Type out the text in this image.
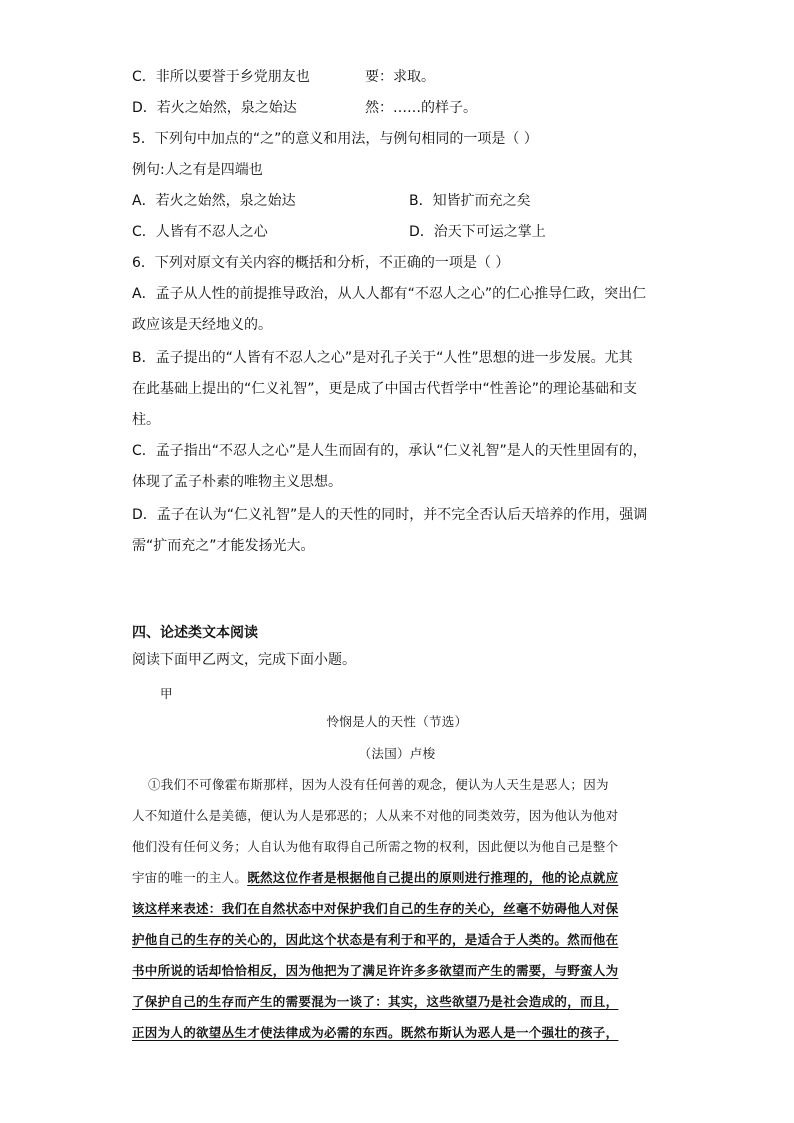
C．非所以要誉于乡党朋友也	要：求取。
D．若火之始然，泉之始达	然：……的样子。
5．下列句中加点的“之”的意义和用法，与例句相同的一项是（ ）
例句:人之有是四端也
A．若火之始然，泉之始达	B．知皆扩而充之矣
C．人皆有不忍人之心	D．治天下可运之掌上
6．下列对原文有关内容的概括和分析，不正确的一项是（ ）
A．孟子从人性的前提推导政治，从人人都有“不忍人之心”的仁心推导仁政，突出仁
政应该是天经地义的。
B．孟子提出的“人皆有不忍人之心”是对孔子关于“人性”思想的进一步发展。尤其
在此基础上提出的“仁义礼智”，更是成了中国古代哲学中“性善论”的理论基础和支
柱。
C．孟子指出“不忍人之心”是人生而固有的，承认“仁义礼智”是人的天性里固有的，
体现了孟子朴素的唯物主义思想。
D．孟子在认为“仁义礼智”是人的天性的同时，并不完全否认后天培养的作用，强调
需“扩而充之”才能发扬光大。
四、论述类文本阅读
阅读下面甲乙两文，完成下面小题。
甲
怜悯是人的天性（节选）
（法国）卢梭
①我们不可像霍布斯那样，因为人没有任何善的观念，便认为人天生是恶人；因为
人不知道什么是美德，便认为人是邪恶的；人从来不对他的同类效劳，因为他认为他对
他们没有任何义务；人自认为他有取得自己所需之物的权利，因此便以为他自己是整个
宇宙的唯一的主人。既然这位作者是根据他自己提出的原则进行推理的，他的论点就应
该这样来表述：我们在自然状态中对保护我们自己的生存的关心，丝毫不妨碍他人对保
护他自己的生存的关心的，因此这个状态是有利于和平的，是适合于人类的。然而他在
书中所说的话却恰恰相反，因为他把为了满足许许多多欲望而产生的需要，与野蛮人为
了保护自己的生存而产生的需要混为一谈了：其实，这些欲望乃是社会造成的，而且，
正因为人的欲望丛生才使法律成为必需的东西。既然布斯认为恶人是一个强壮的孩子，
